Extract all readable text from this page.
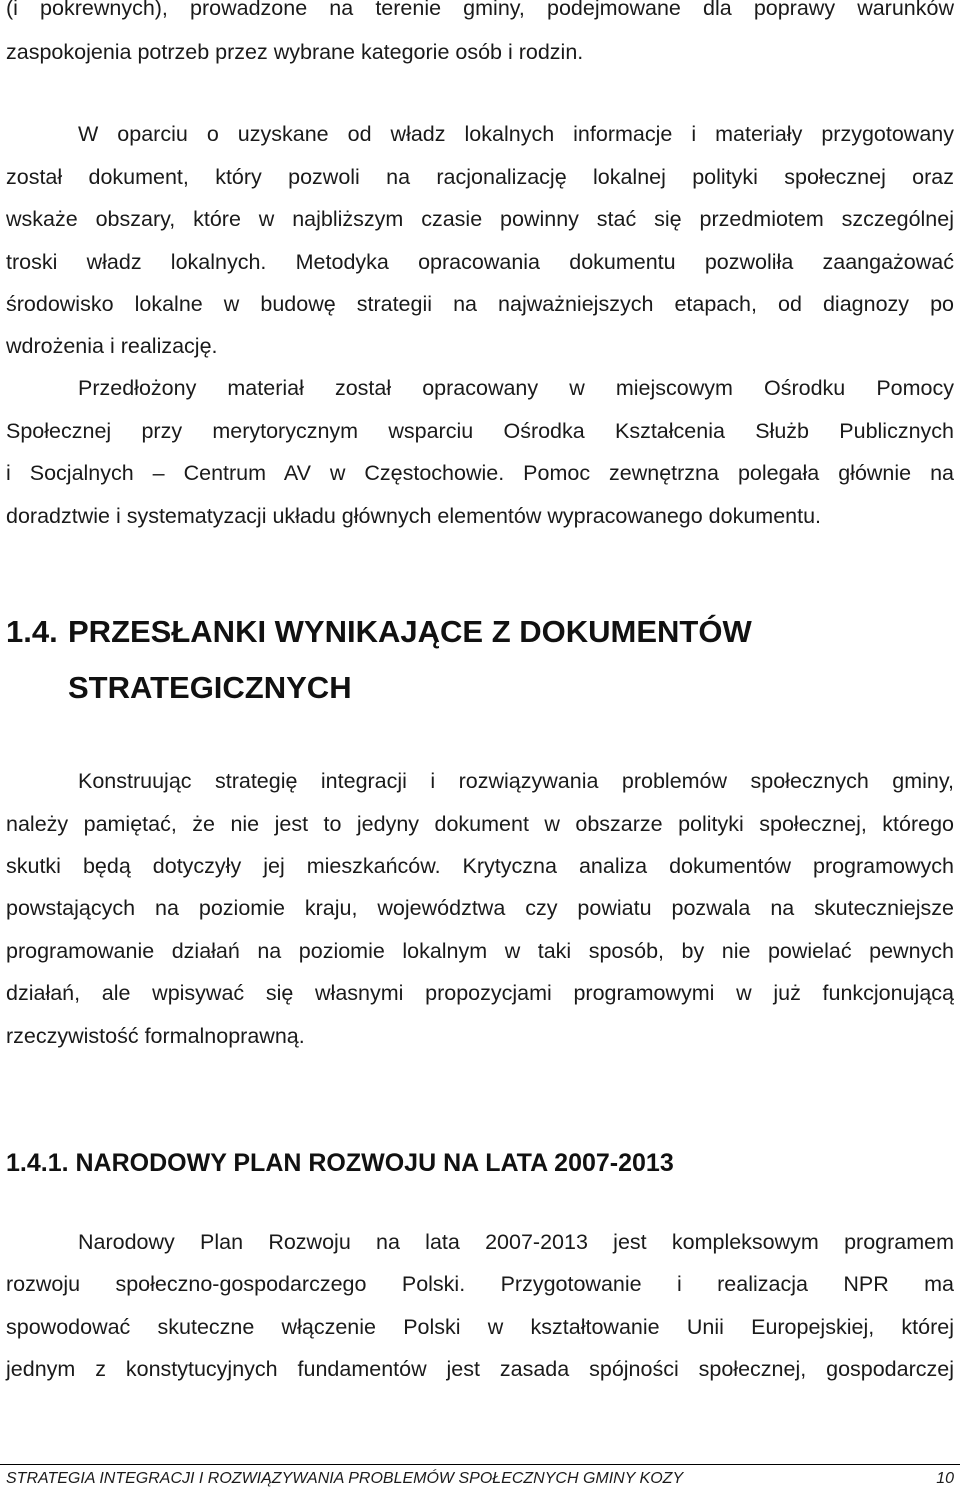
(i pokrewnych), prowadzone na terenie gminy, podejmowane dla poprawy warunków
zaspokojenia potrzeb przez wybrane kategorie osób i rodzin.
W oparciu o uzyskane od władz lokalnych informacje i materiały przygotowany
został dokument, który pozwoli na racjonalizację lokalnej polityki społecznej oraz
wskaże obszary, które w najbliższym czasie powinny stać się przedmiotem szczególnej
troski władz lokalnych. Metodyka opracowania dokumentu pozwoliła zaangażować
środowisko lokalne w budowę strategii na najważniejszych etapach, od diagnozy po
wdrożenia i realizację.
Przedłożony materiał został opracowany w miejscowym Ośrodku Pomocy
Społecznej przy merytorycznym wsparciu Ośrodka Kształcenia Służb Publicznych
i Socjalnych – Centrum AV w Częstochowie. Pomoc zewnętrzna polegała głównie na
doradztwie i systematyzacji układu głównych elementów wypracowanego dokumentu.
1.4. PRZESŁANKI WYNIKAJĄCE Z DOKUMENTÓW
STRATEGICZNYCH
Konstruując strategię integracji i rozwiązywania problemów społecznych gminy,
należy pamiętać, że nie jest to jedyny dokument w obszarze polityki społecznej, którego
skutki będą dotyczyły jej mieszkańców. Krytyczna analiza dokumentów programowych
powstających na poziomie kraju, województwa czy powiatu pozwala na skuteczniejsze
programowanie działań na poziomie lokalnym w taki sposób, by nie powielać pewnych
działań, ale wpisywać się własnymi propozycjami programowymi w już funkcjonującą
rzeczywistość formalnoprawną.
1.4.1. NARODOWY PLAN ROZWOJU NA LATA 2007-2013
Narodowy Plan Rozwoju na lata 2007-2013 jest kompleksowym programem
rozwoju społeczno-gospodarczego Polski. Przygotowanie i realizacja NPR ma
spowodować skuteczne włączenie Polski w kształtowanie Unii Europejskiej, której
jednym z konstytucyjnych fundamentów jest zasada spójności społecznej, gospodarczej
STRATEGIA INTEGRACJI I ROZWIĄZYWANIA PROBLEMÓW SPOŁECZNYCH GMINY KOZY	10
